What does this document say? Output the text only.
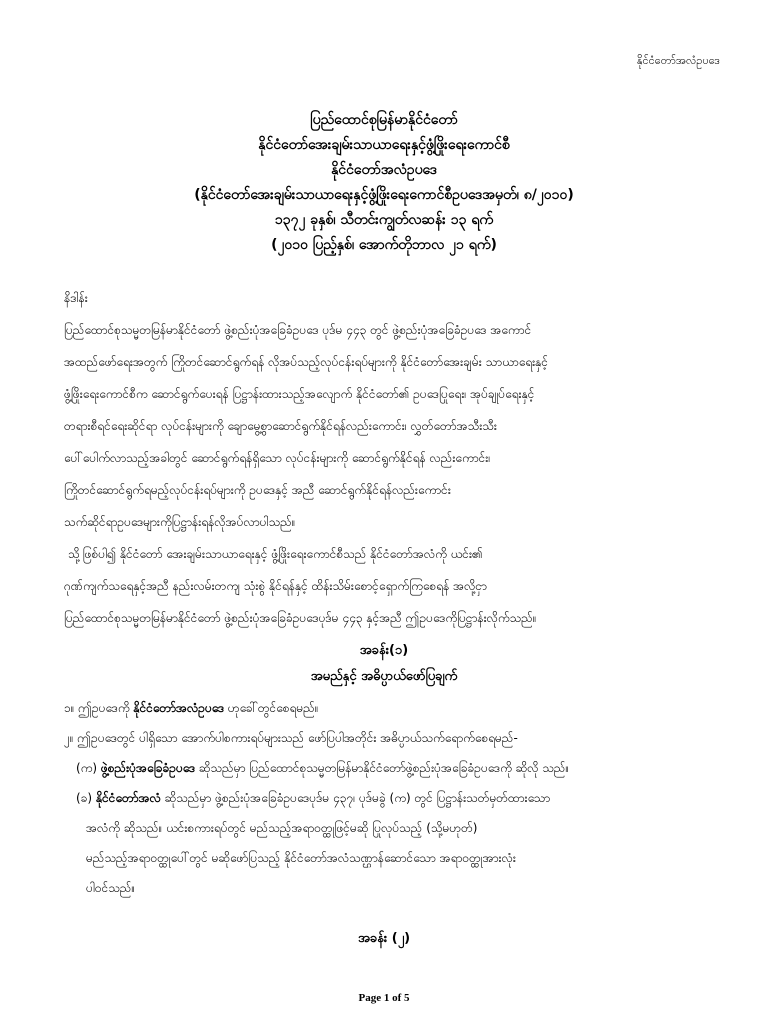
နိုင်ငံတော်အလံဥပဒေ
ပြည်ထောင်စုမြန်မာနိုင်ငံတော်
နိုင်ငံတော်အေးချမ်းသာယာရေးနှင့်ဖွံ့ဖြိုးရေးကောင်စီ
နိုင်ငံတော်အလံဥပဒေ
(နိုင်ငံတော်အေးချမ်းသာယာရေးနှင့်ဖွံ့ဖြိုးရေးကောင်စီဥပဒေအမှတ်၊ ၈/၂၀၁၀)
၁၃၇၂ ခုနှစ်၊ သီတင်းကျွတ်လဆန်း ၁၃ ရက်
(၂၀၁၀ ပြည့်နှစ်၊ အောက်တိုဘာလ ၂၁ ရက်)
နိဒါန်း
ပြည်ထောင်စုသမ္မတမြန်မာနိုင်ငံတော် ဖွဲ့စည်းပုံအခြေခံဥပဒေ ပုဒ်မ ၄၄၃ တွင် ဖွဲ့စည်းပုံအခြေခံဥပဒေ အကောင်
အထည်ဖော်ရေးအတွက် ကြိုတင်ဆောင်ရွက်ရန် လိုအပ်သည့်လုပ်ငန်းရပ်များကို နိုင်ငံတော်အေးချမ်း သာယာရေးနှင့်
ဖွံ့ဖြိုးရေးကောင်စီက ဆောင်ရွက်ပေးရန် ပြဋ္ဌာန်းထားသည့်အလျောက် နိုင်ငံတော်၏ ဥပဒေပြုရေး၊ အုပ်ချုပ်ရေးနှင့်
တရားစီရင်ရေးဆိုင်ရာ လုပ်ငန်းများကို ချောမွေ့စွာဆောင်ရွက်နိုင်ရန်လည်းကောင်း၊ လွှတ်တော်အသီးသီး
ပေါ်ပေါက်လာသည့်အခါတွင် ဆောင်ရွက်ရန်ရှိသော လုပ်ငန်းများကို ဆောင်ရွက်နိုင်ရန် လည်းကောင်း၊
ကြိုတင်ဆောင်ရွက်ရမည့်လုပ်ငန်းရပ်များကို ဥပဒေနှင့် အညီ ဆောင်ရွက်နိုင်ရန်လည်းကောင်း
သက်ဆိုင်ရာဥပဒေများကိုပြဋ္ဌာန်းရန်လိုအပ်လာပါသည်။
သို့ဖြစ်ပါ၍ နိုင်ငံတော် အေးချမ်းသာယာရေးနှင့် ဖွံ့ဖြိုးရေးကောင်စီသည် နိုင်ငံတော်အလံကို ယင်း၏
ဂုဏ်ကျက်သရေနှင့်အညီ နည်းလမ်းတကျ သုံးစွဲ နိုင်ရန်နှင့် ထိန်းသိမ်းစောင့်ရှောက်ကြစေရန် အလို့ငှာ
ပြည်ထောင်စုသမ္မတမြန်မာနိုင်ငံတော် ဖွဲ့စည်းပုံအခြေခံဥပဒေပုဒ်မ ၄၄၃ နှင့်အညီ ဤဥပဒေကိုပြဋ္ဌာန်းလိုက်သည်။
အခန်း(၁)
အမည်နှင့် အဓိပ္ပာယ်ဖော်ပြချက်
၁။ ဤဥပဒေကို နိုင်ငံတော်အလံဥပဒေ ဟုခေါ်တွင်စေရမည်။
၂။ ဤဥပဒေတွင် ပါရှိသော အောက်ပါစကားရပ်များသည် ဖော်ပြပါအတိုင်း အဓိပ္ပာယ်သက်ရောက်စေရမည်-
(က) ဖွဲ့စည်းပုံအခြေခံဥပဒေ ဆိုသည်မှာ ပြည်ထောင်စုသမ္မတမြန်မာနိုင်ငံတော်ဖွဲ့စည်းပုံအခြေခံဥပဒေကို ဆိုလို သည်။
(ခ) နိုင်ငံတော်အလံ ဆိုသည်မှာ ဖွဲ့စည်းပုံအခြေခံဥပဒေပုဒ်မ ၄၃၇၊ ပုဒ်မခွဲ (က) တွင် ပြဋ္ဌာန်းသတ်မှတ်ထားသော
အလံကို ဆိုသည်။ ယင်းစကားရပ်တွင် မည်သည့်အရာဝတ္ထုဖြင့်မဆို ပြုလုပ်သည့် (သို့မဟုတ်)
မည်သည့်အရာဝတ္ထုပေါ်တွင် မဆိုဖော်ပြသည့် နိုင်ငံတော်အလံသဏ္ဌာန်ဆောင်သော အရာဝတ္ထုအားလုံး
ပါဝင်သည်။
အခန်း (၂)
Page 1 of 5
